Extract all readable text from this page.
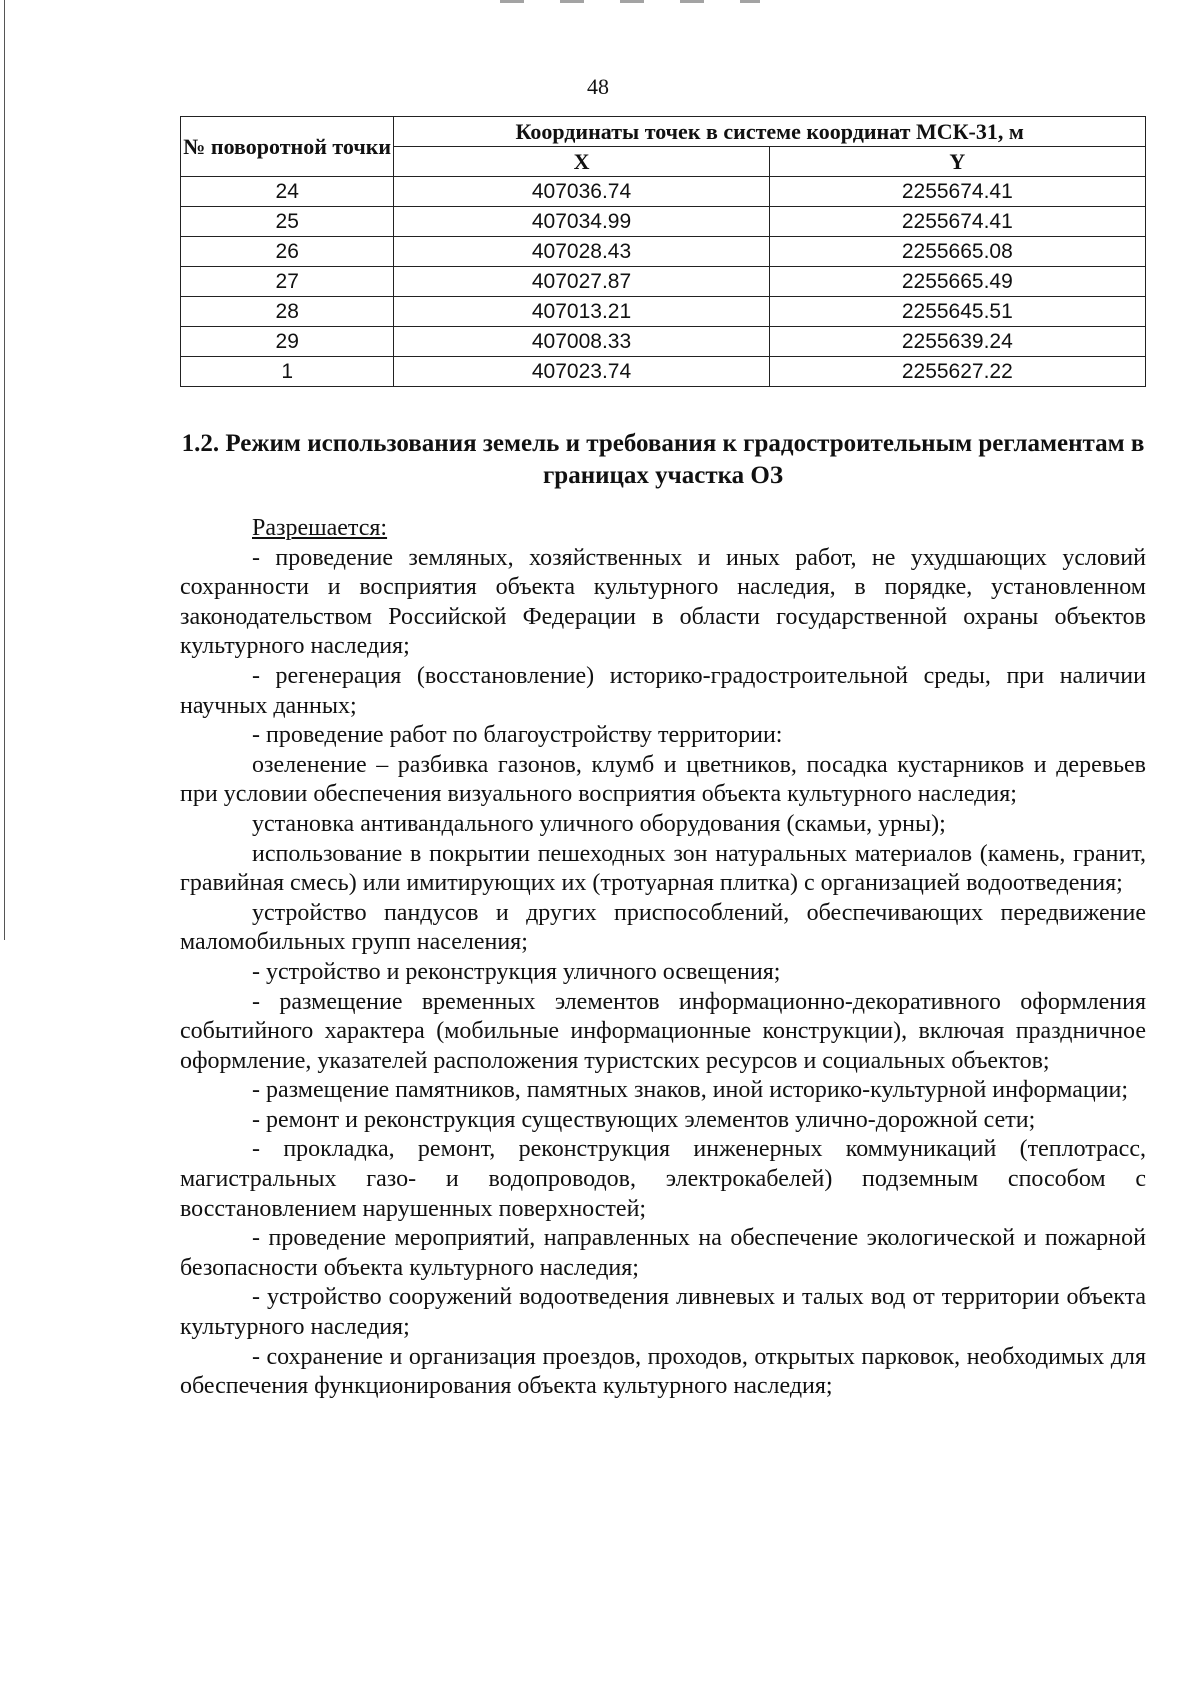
48
№ поворотной точки	Координаты точек в системе координат МСК-31, м	
	X	Y
24	407036.74	2255674.41
25	407034.99	2255674.41
26	407028.43	2255665.08
27	407027.87	2255665.49
28	407013.21	2255645.51
29	407008.33	2255639.24
1	407023.74	2255627.22
1.2. Режим использования земель и требования к градостроительным регламентам в границах участка ОЗ

Разрешается:

- проведение земляных, хозяйственных и иных работ, не ухудшающих условий сохранности и восприятия объекта культурного наследия, в порядке, установленном законодательством Российской Федерации в области государственной охраны объектов культурного наследия;

- регенерация (восстановление) историко-градостроительной среды, при наличии научных данных;

- проведение работ по благоустройству территории:

озеленение – разбивка газонов, клумб и цветников, посадка кустарников и деревьев при условии обеспечения визуального восприятия объекта культурного наследия;

установка антивандального уличного оборудования (скамьи, урны);

использование в покрытии пешеходных зон натуральных материалов (камень, гранит, гравийная смесь) или имитирующих их (тротуарная плитка) с организацией водоотведения;

устройство пандусов и других приспособлений, обеспечивающих передвижение маломобильных групп населения;

- устройство и реконструкция уличного освещения;

- размещение временных элементов информационно-декоративного оформления событийного характера (мобильные информационные конструкции), включая праздничное оформление, указателей расположения туристских ресурсов и социальных объектов;

- размещение памятников, памятных знаков, иной историко-культурной информации;

- ремонт и реконструкция существующих элементов улично-дорожной сети;

- прокладка, ремонт, реконструкция инженерных коммуникаций (теплотрасс, магистральных газо- и водопроводов, электрокабелей) подземным способом с восстановлением нарушенных поверхностей;

- проведение мероприятий, направленных на обеспечение экологической и пожарной безопасности объекта культурного наследия;

- устройство сооружений водоотведения ливневых и талых вод от территории объекта культурного наследия;

- сохранение и организация проездов, проходов, открытых парковок, необходимых для обеспечения функционирования объекта культурного наследия;
